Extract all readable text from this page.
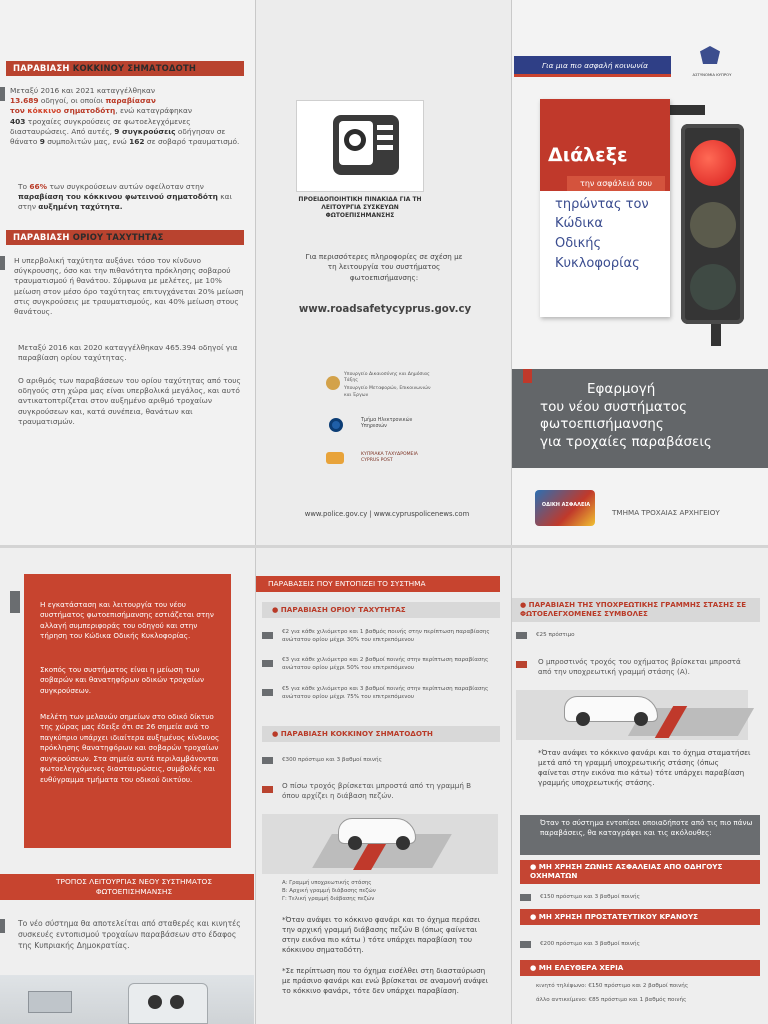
ΠΑΡΑΒΙΑΣΗ ΚΟΚΚΙΝΟΥ ΣΗΜΑΤΟΔΟΤΗ
Μεταξύ 2016 και 2021 καταγγέλθηκαν
13.689 οδηγοί, οι οποίοι παραβίασαν
τον κόκκινο σηματοδότη, ενώ καταγράφηκαν
403 τροχαίες συγκρούσεις σε φωτοελεγχόμενες διασταυρώσεις. Από αυτές, 9 συγκρούσεις οδήγησαν σε θάνατο 9 συμπολιτών μας, ενώ 162 σε σοβαρό τραυματισμό.
Το 66% των συγκρούσεων αυτών οφείλοταν στην παραβίαση του κόκκινου φωτεινού σηματοδότη και στην αυξημένη ταχύτητα.
ΠΑΡΑΒΙΑΣΗ ΟΡΙΟΥ ΤΑΧΥΤΗΤΑΣ
Η υπερβολική ταχύτητα αυξάνει τόσο τον κίνδυνο σύγκρουσης, όσο και την πιθανότητα πρόκλησης σοβαρού τραυματισμού ή θανάτου. Σύμφωνα με μελέτες, με 10% μείωση στον μέσο όρο ταχύτητας επιτυγχάνεται 20% μείωση στις συγκρούσεις με τραυματισμούς, και 40% μείωση στους θανάτους.
Μεταξύ 2016 και 2020 καταγγέλθηκαν 465.394 οδηγοί για παραβίαση ορίου ταχύτητας.
Ο αριθμός των παραβάσεων του ορίου ταχύτητας από τους οδηγούς στη χώρα μας είναι υπερβολικά μεγάλος, και αυτό αντικατοπτρίζεται στον αυξημένο αριθμό τροχαίων συγκρούσεων και, κατά συνέπεια, θανάτων και τραυματισμών.
ΠΡΟΕΙΔΟΠΟΙΗΤΙΚΗ ΠΙΝΑΚΙΔΑ ΓΙΑ ΤΗ ΛΕΙΤΟΥΡΓΙΑ ΣΥΣΚΕΥΩΝ ΦΩΤΟΕΠΙΣΗΜΑΝΣΗΣ
Για περισσότερες πληροφορίες σε σχέση με τη λειτουργία του συστήματος φωτοεπισήμανσης:
www.roadsafetycyprus.gov.cy
Υπουργείο Δικαιοσύνης και Δημόσιας Τάξης
Υπουργείο Μεταφορών, Επικοινωνιών και Έργων
Τμήμα Ηλεκτρονικών Υπηρεσιών
ΚΥΠΡΙΑΚΑ ΤΑΧΥΔΡΟΜΕΙΑ CYPRUS POST
www.police.gov.cy | www.cypruspolicenews.com
Για μια πιο ασφαλή κοινωνία
ΑΣΤΥΝΟΜΙΑ ΚΥΠΡΟΥ
Διάλεξε
την ασφάλειά σου
τηρώντας τον
Κώδικα
Οδικής
Κυκλοφορίας
Εφαρμογή
του νέου συστήματος
φωτοεπισήμανσης
για τροχαίες παραβάσεις
ΟΔΙΚΗ ΑΣΦΑΛΕΙΑ
ΤΜΗΜΑ ΤΡΟΧΑΙΑΣ ΑΡΧΗΓΕΙΟΥ
Η εγκατάσταση και λειτουργία του νέου συστήματος φωτοεπισήμανσης εστιάζεται στην αλλαγή συμπεριφοράς του οδηγού και στην τήρηση του Κώδικα Οδικής Κυκλοφορίας.
Σκοπός του συστήματος είναι η μείωση των σοβαρών και θανατηφόρων οδικών τροχαίων συγκρούσεων.
Μελέτη των μελανών σημείων στο οδικό δίκτυο της χώρας μας έδειξε ότι σε 26 σημεία ανά το παγκύπριο υπάρχει ιδιαίτερα αυξημένος κίνδυνος πρόκλησης θανατηφόρων και σοβαρών τροχαίων συγκρούσεων. Στα σημεία αυτά περιλαμβάνονται φωτοελεγχόμενες διασταυρώσεις, συμβολές και ευθύγραμμα τμήματα του οδικού δικτύου.
ΤΡΟΠΟΣ ΛΕΙΤΟΥΡΓΙΑΣ ΝΕΟΥ ΣΥΣΤΗΜΑΤΟΣ ΦΩΤΟΕΠΙΣΗΜΑΝΣΗΣ
Το νέο σύστημα θα αποτελείται από σταθερές και κινητές συσκευές εντοπισμού τροχαίων παραβάσεων στο έδαφος της Κυπριακής Δημοκρατίας.
ΠΑΡΑΒΑΣΕΙΣ ΠΟΥ ΕΝΤΟΠΙΖΕΙ ΤΟ ΣΥΣΤΗΜΑ
● ΠΑΡΑΒΙΑΣΗ ΟΡΙΟΥ ΤΑΧΥΤΗΤΑΣ
€2 για κάθε χιλιόμετρο και 1 βαθμός ποινής στην περίπτωση παραβίασης ανώτατου ορίου μέχρι 30% του επιτρεπόμενου
€3 για κάθε χιλιόμετρο και 2 βαθμοί ποινής στην περίπτωση παραβίασης ανώτατου ορίου μέχρι 50% του επιτρεπόμενου
€5 για κάθε χιλιόμετρο και 3 βαθμοί ποινής στην περίπτωση παραβίασης ανώτατου ορίου μέχρι 75% του επιτρεπόμενου
● ΠΑΡΑΒΙΑΣΗ ΚΟΚΚΙΝΟΥ ΣΗΜΑΤΟΔΟΤΗ
€300 πρόστιμο και 3 βαθμοί ποινής
Ο πίσω τροχός βρίσκεται μπροστά από τη γραμμή Β όπου αρχίζει η διάβαση πεζών.
A: Γραμμή υποχρεωτικής στάσης
B: Αρχική γραμμή διάβασης πεζών
Γ: Τελική γραμμή διάβασης πεζών
*Όταν ανάψει το κόκκινο φανάρι και το όχημα περάσει την αρχική γραμμή διάβασης πεζών Β (όπως φαίνεται στην εικόνα πιο κάτω ) τότε υπάρχει παραβίαση του κόκκινου σηματοδότη.
*Σε περίπτωση που το όχημα εισέλθει στη διασταύρωση με πράσινο φανάρι και ενώ βρίσκεται σε αναμονή ανάψει το κόκκινο φανάρι, τότε δεν υπάρχει παραβίαση.
● ΠΑΡΑΒΙΑΣΗ ΤΗΣ ΥΠΟΧΡΕΩΤΙΚΗΣ ΓΡΑΜΜΗΣ ΣΤΑΣΗΣ ΣΕ ΦΩΤΟΕΛΕΓΧΟΜΕΝΕΣ ΣΥΜΒΟΛΕΣ
€25 πρόστιμο
Ο μπροστινός τροχός του οχήματος βρίσκεται μπροστά από την υποχρεωτική γραμμή στάσης (Α).
*Όταν ανάψει το κόκκινο φανάρι και το όχημα σταματήσει μετά από τη γραμμή υποχρεωτικής στάσης (όπως φαίνεται στην εικόνα πιο κάτω) τότε υπάρχει παραβίαση γραμμής υποχρεωτικής στάσης.
Όταν το σύστημα εντοπίσει οποιαδήποτε από τις πιο πάνω παραβάσεις, θα καταγράφει και τις ακόλουθες:
● ΜΗ ΧΡΗΣΗ ΖΩΝΗΣ ΑΣΦΑΛΕΙΑΣ ΑΠΟ ΟΔΗΓΟΥΣ ΟΧΗΜΑΤΩΝ
€150 πρόστιμο και 3 βαθμοί ποινής
● ΜΗ ΧΡΗΣΗ ΠΡΟΣΤΑΤΕΥΤΙΚΟΥ ΚΡΑΝΟΥΣ
€200 πρόστιμο και 3 βαθμοί ποινής
● ΜΗ ΕΛΕΥΘΕΡΑ ΧΕΡΙΑ
κινητό τηλέφωνο: €150 πρόστιμο και 2 βαθμοί ποινής
άλλο αντικείμενο: €85 πρόστιμο και 1 βαθμός ποινής
